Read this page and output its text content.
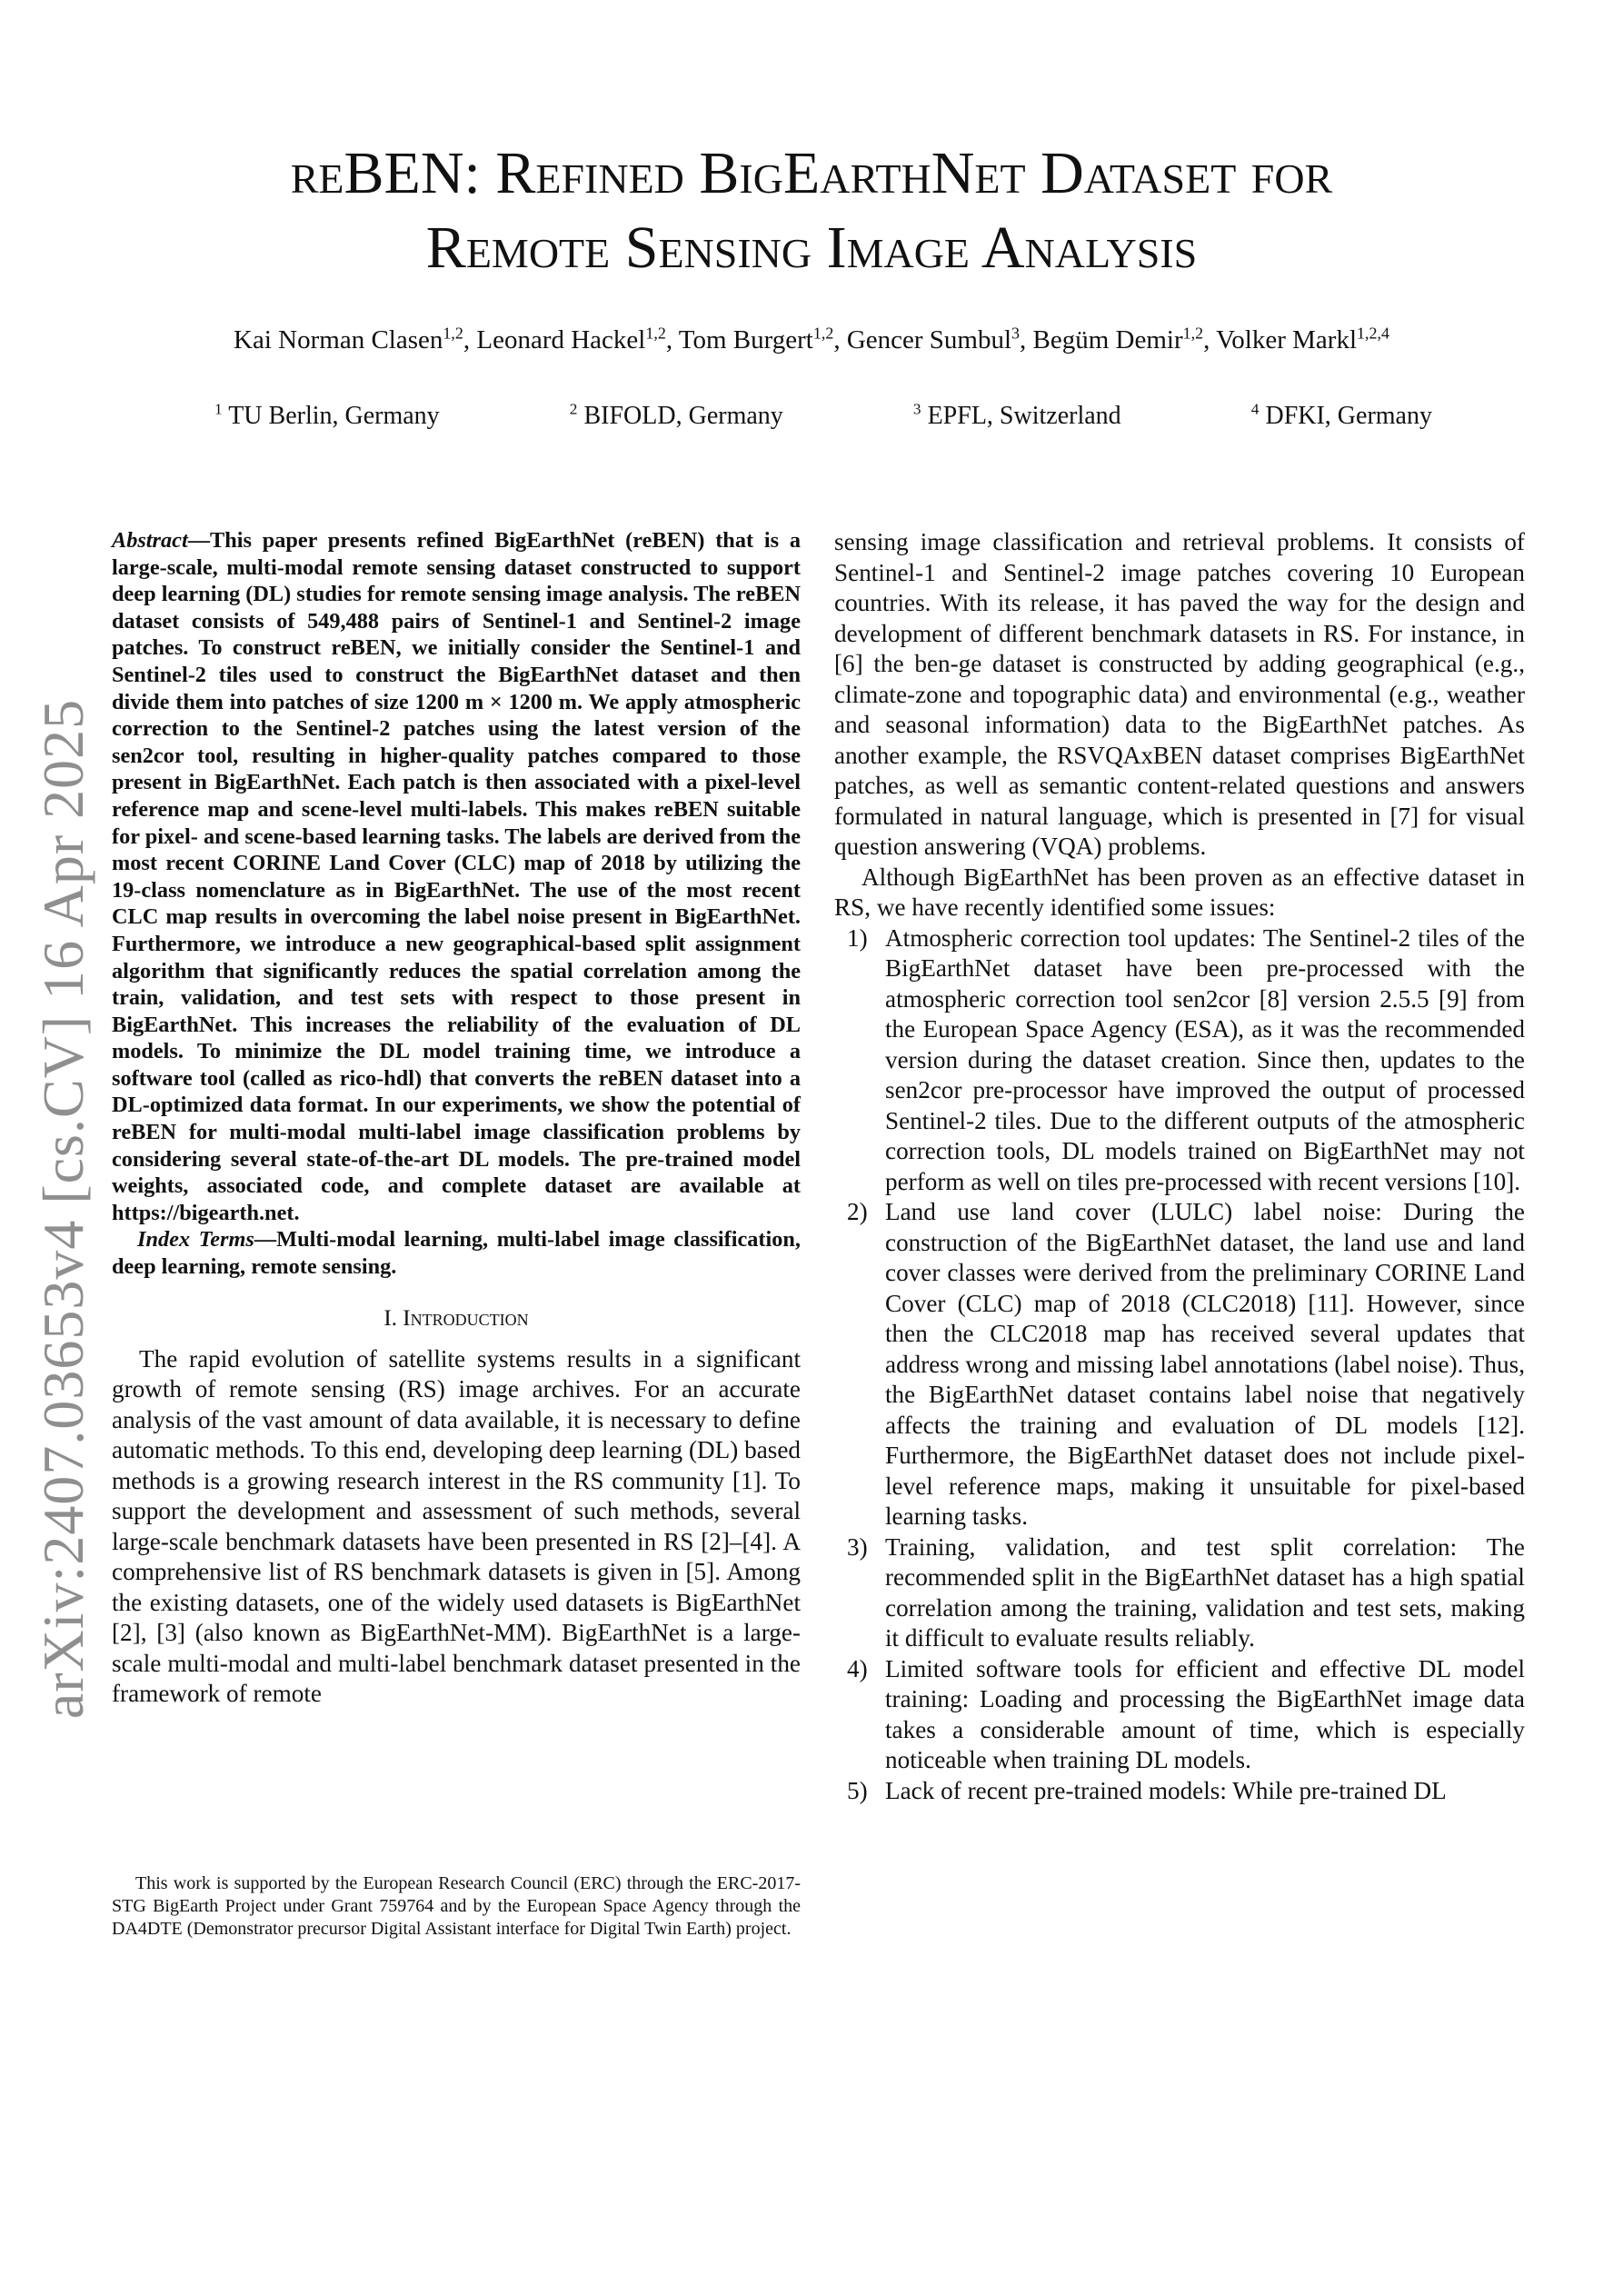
arXiv:2407.03653v4 [cs.CV] 16 Apr 2025
reBEN: Refined BigEarthNet Dataset for
Remote Sensing Image Analysis
Kai Norman Clasen$^{1,2}$, Leonard Hackel$^{1,2}$, Tom Burgert$^{1,2}$, Gencer Sumbul$^3$, Begüm Demir$^{1,2}$, Volker Markl$^{1,2,4}$
$^1$ TU Berlin, Germany	$^2$ BIFOLD, Germany	$^3$ EPFL, Switzerland	$^4$ DFKI, Germany

Abstract—This paper presents refined BigEarthNet (reBEN) that is a large-scale, multi-modal remote sensing dataset constructed to support deep learning (DL) studies for remote sensing image analysis. The reBEN dataset consists of 549,488 pairs of Sentinel-1 and Sentinel-2 image patches. To construct reBEN, we initially consider the Sentinel-1 and Sentinel-2 tiles used to construct the BigEarthNet dataset and then divide them into patches of size 1200 m × 1200 m. We apply atmospheric correction to the Sentinel-2 patches using the latest version of the sen2cor tool, resulting in higher-quality patches compared to those present in BigEarthNet. Each patch is then associated with a pixel-level reference map and scene-level multi-labels. This makes reBEN suitable for pixel- and scene-based learning tasks. The labels are derived from the most recent CORINE Land Cover (CLC) map of 2018 by utilizing the 19-class nomenclature as in BigEarthNet. The use of the most recent CLC map results in overcoming the label noise present in BigEarthNet. Furthermore, we introduce a new geographical-based split assignment algorithm that significantly reduces the spatial correlation among the train, validation, and test sets with respect to those present in BigEarthNet. This increases the reliability of the evaluation of DL models. To minimize the DL model training time, we introduce a software tool (called as rico-hdl) that converts the reBEN dataset into a DL-optimized data format. In our experiments, we show the potential of reBEN for multi-modal multi-label image classification problems by considering several state-of-the-art DL models. The pre-trained model weights, associated code, and complete dataset are available at https://bigearth.net.

Index Terms—Multi-modal learning, multi-label image classification, deep learning, remote sensing.

I. Introduction

The rapid evolution of satellite systems results in a significant growth of remote sensing (RS) image archives. For an accurate analysis of the vast amount of data available, it is necessary to define automatic methods. To this end, developing deep learning (DL) based methods is a growing research interest in the RS community [1]. To support the development and assessment of such methods, several large-scale benchmark datasets have been presented in RS [2]–[4]. A comprehensive list of RS benchmark datasets is given in [5]. Among the existing datasets, one of the widely used datasets is BigEarthNet [2], [3] (also known as BigEarthNet-MM). BigEarthNet is a large-scale multi-modal and multi-label benchmark dataset presented in the framework of remote

This work is supported by the European Research Council (ERC) through the ERC-2017-STG BigEarth Project under Grant 759764 and by the European Space Agency through the DA4DTE (Demonstrator precursor Digital Assistant interface for Digital Twin Earth) project.

sensing image classification and retrieval problems. It consists of Sentinel-1 and Sentinel-2 image patches covering 10 European countries. With its release, it has paved the way for the design and development of different benchmark datasets in RS. For instance, in [6] the ben-ge dataset is constructed by adding geographical (e.g., climate-zone and topographic data) and environmental (e.g., weather and seasonal information) data to the BigEarthNet patches. As another example, the RSVQAxBEN dataset comprises BigEarthNet patches, as well as semantic content-related questions and answers formulated in natural language, which is presented in [7] for visual question answering (VQA) problems.

Although BigEarthNet has been proven as an effective dataset in RS, we have recently identified some issues:

1) Atmospheric correction tool updates: The Sentinel-2 tiles of the BigEarthNet dataset have been pre-processed with the atmospheric correction tool sen2cor [8] version 2.5.5 [9] from the European Space Agency (ESA), as it was the recommended version during the dataset creation. Since then, updates to the sen2cor pre-processor have improved the output of processed Sentinel-2 tiles. Due to the different outputs of the atmospheric correction tools, DL models trained on BigEarthNet may not perform as well on tiles pre-processed with recent versions [10].
2) Land use land cover (LULC) label noise: During the construction of the BigEarthNet dataset, the land use and land cover classes were derived from the preliminary CORINE Land Cover (CLC) map of 2018 (CLC2018) [11]. However, since then the CLC2018 map has received several updates that address wrong and missing label annotations (label noise). Thus, the BigEarthNet dataset contains label noise that negatively affects the training and evaluation of DL models [12]. Furthermore, the BigEarthNet dataset does not include pixel-level reference maps, making it unsuitable for pixel-based learning tasks.
3) Training, validation, and test split correlation: The recommended split in the BigEarthNet dataset has a high spatial correlation among the training, validation and test sets, making it difficult to evaluate results reliably.
4) Limited software tools for efficient and effective DL model training: Loading and processing the BigEarthNet image data takes a considerable amount of time, which is especially noticeable when training DL models.
5) Lack of recent pre-trained models: While pre-trained DL
